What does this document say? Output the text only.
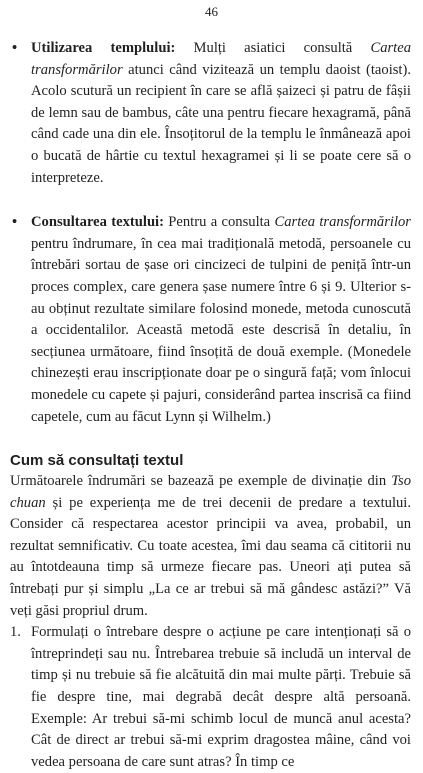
46
• Utilizarea templului: Mulți asiatici consultă Cartea transformărilor atunci când vizitează un templu daoist (taoist). Acolo scutură un recipient în care se află șaizeci și patru de fâșii de lemn sau de bambus, câte una pentru fiecare hexagramă, până când cade una din ele. Însoțitorul de la templu le înmânează apoi o bucată de hârtie cu textul hexagramei și li se poate cere să o interpreteze.
• Consultarea textului: Pentru a consulta Cartea transformărilor pentru îndrumare, în cea mai tradițională metodă, persoanele cu întrebări sortau de șase ori cincizeci de tulpini de peniță într-un proces complex, care genera șase numere între 6 și 9. Ulterior s-au obținut rezultate similare folosind monede, metoda cunoscută a occidentalilor. Această metodă este descrisă în detaliu, în secțiunea următoare, fiind însoțită de două exemple. (Monedele chinezești erau inscripționate doar pe o singură față; vom înlocui monedele cu capete și pajuri, considerând partea inscrisă ca fiind capetele, cum au făcut Lynn și Wilhelm.)
Cum să consultați textul
Următoarele îndrumări se bazează pe exemple de divinație din Tso chuan și pe experiența me de trei decenii de predare a textului. Consider că respectarea acestor principii va avea, probabil, un rezultat semnificativ. Cu toate acestea, îmi dau seama că cititorii nu au întotdeauna timp să urmeze fiecare pas. Uneori ați putea să întrebați pur și simplu „La ce ar trebui să mă gândesc astăzi?” Vă veți găsi propriul drum.
1. Formulați o întrebare despre o acțiune pe care intenționați să o întreprindeți sau nu. Întrebarea trebuie să includă un interval de timp și nu trebuie să fie alcătuită din mai multe părți. Trebuie să fie despre tine, mai degrabă decât despre altă persoană. Exemple: Ar trebui să-mi schimb locul de muncă anul acesta? Cât de direct ar trebui să-mi exprim dragostea mâine, când voi vedea persoana de care sunt atras? În timp ce
